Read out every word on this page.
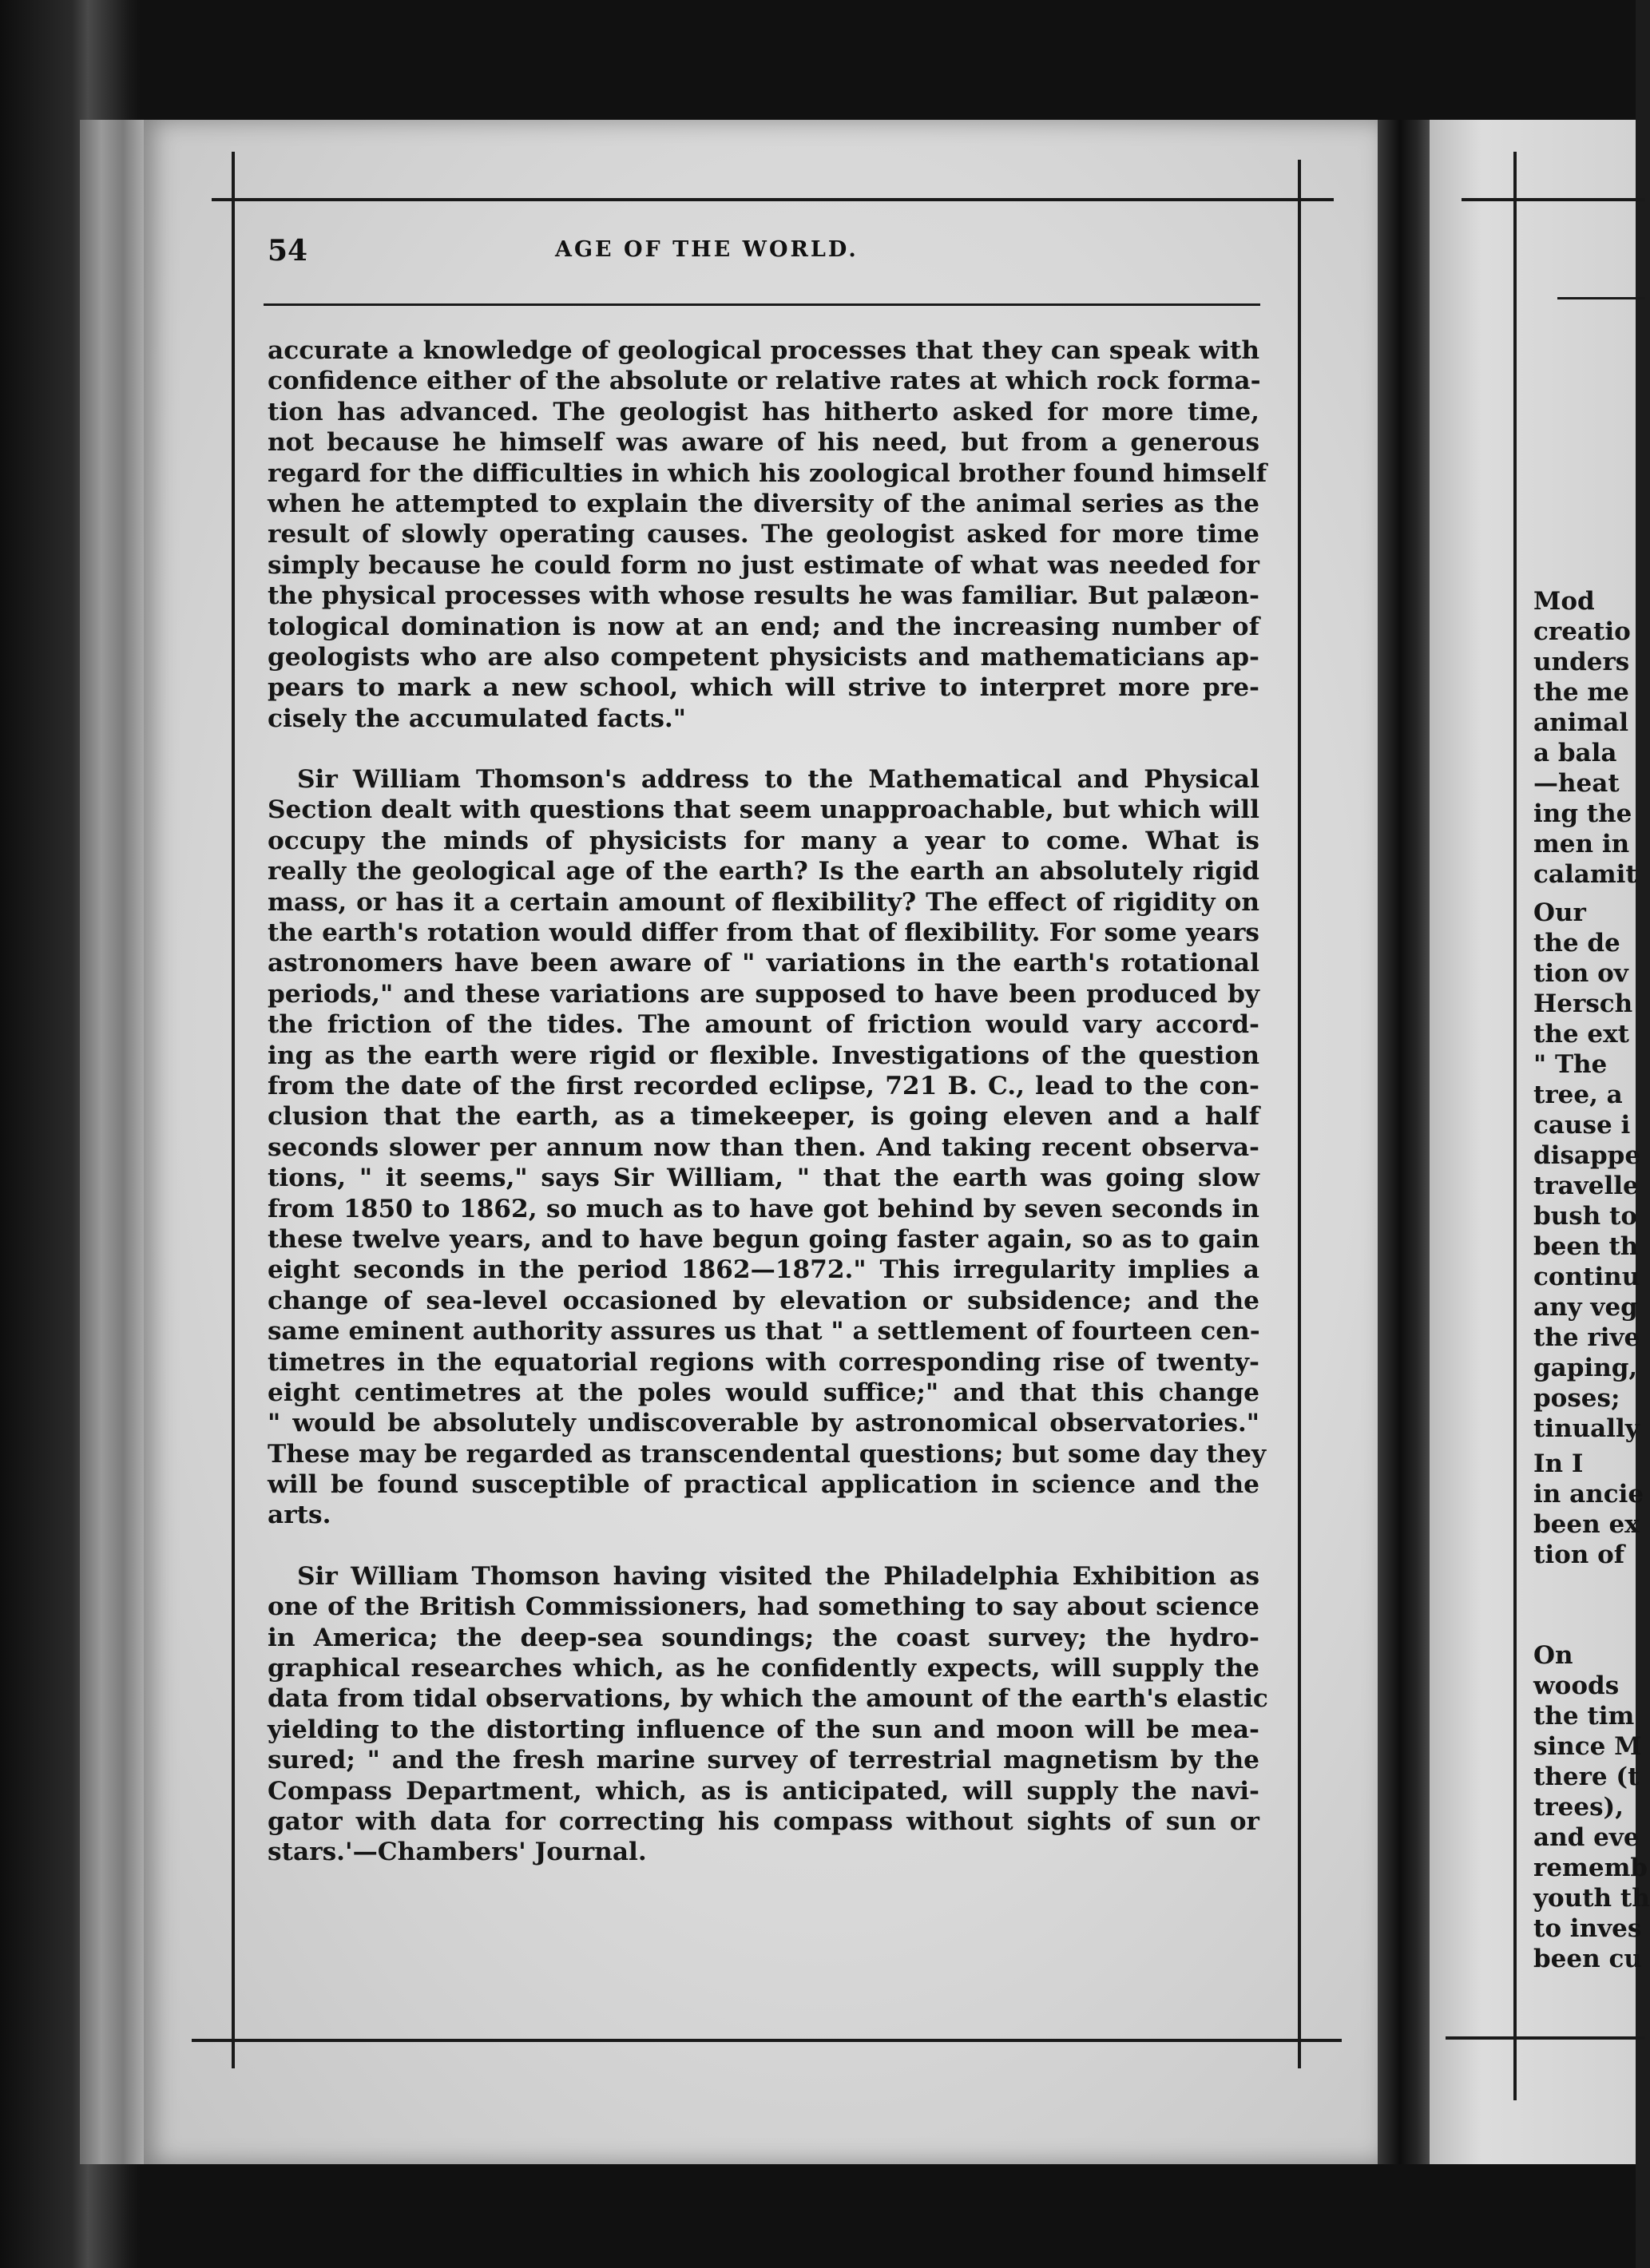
54	AGE OF THE WORLD.
accurate a knowledge of geological processes that they can speak with
confidence either of the absolute or relative rates at which rock forma-
tion has advanced. The geologist has hitherto asked for more time,
not because he himself was aware of his need, but from a generous
regard for the difficulties in which his zoological brother found himself
when he attempted to explain the diversity of the animal series as the
result of slowly operating causes. The geologist asked for more time
simply because he could form no just estimate of what was needed for
the physical processes with whose results he was familiar. But palæon-
tological domination is now at an end; and the increasing number of
geologists who are also competent physicists and mathematicians ap-
pears to mark a new school, which will strive to interpret more pre-
cisely the accumulated facts."
Sir William Thomson's address to the Mathematical and Physical
Section dealt with questions that seem unapproachable, but which will
occupy the minds of physicists for many a year to come. What is
really the geological age of the earth? Is the earth an absolutely rigid
mass, or has it a certain amount of flexibility? The effect of rigidity on
the earth's rotation would differ from that of flexibility. For some years
astronomers have been aware of " variations in the earth's rotational
periods," and these variations are supposed to have been produced by
the friction of the tides. The amount of friction would vary accord-
ing as the earth were rigid or flexible. Investigations of the question
from the date of the first recorded eclipse, 721 B. C., lead to the con-
clusion that the earth, as a timekeeper, is going eleven and a half
seconds slower per annum now than then. And taking recent observa-
tions, " it seems," says Sir William, " that the earth was going slow
from 1850 to 1862, so much as to have got behind by seven seconds in
these twelve years, and to have begun going faster again, so as to gain
eight seconds in the period 1862—1872." This irregularity implies a
change of sea-level occasioned by elevation or subsidence; and the
same eminent authority assures us that " a settlement of fourteen cen-
timetres in the equatorial regions with corresponding rise of twenty-
eight centimetres at the poles would suffice;" and that this change
" would be absolutely undiscoverable by astronomical observatories."
These may be regarded as transcendental questions; but some day they
will be found susceptible of practical application in science and the
arts.
Sir William Thomson having visited the Philadelphia Exhibition as
one of the British Commissioners, had something to say about science
in America; the deep-sea soundings; the coast survey; the hydro-
graphical researches which, as he confidently expects, will supply the
data from tidal observations, by which the amount of the earth's elastic
yielding to the distorting influence of the sun and moon will be mea-
sured; " and the fresh marine survey of terrestrial magnetism by the
Compass Department, which, as is anticipated, will supply the navi-
gator with data for correcting his compass without sights of sun or
stars.'—Chambers' Journal.
Mod
creatio
unders
the me
animal
a bala
—heat
ing the
men in
calamit
Our
the de
tion ov
Hersch
the ext
" The
tree, a
cause i
disappe
travelle
bush to
been th
continu
any veg
the rive
gaping,
poses;
tinually
In I
in ancie
been ex
tion of
On
woods
the tim
since M
there (t
trees),
and eve
rememb
youth th
to inves
been cu
